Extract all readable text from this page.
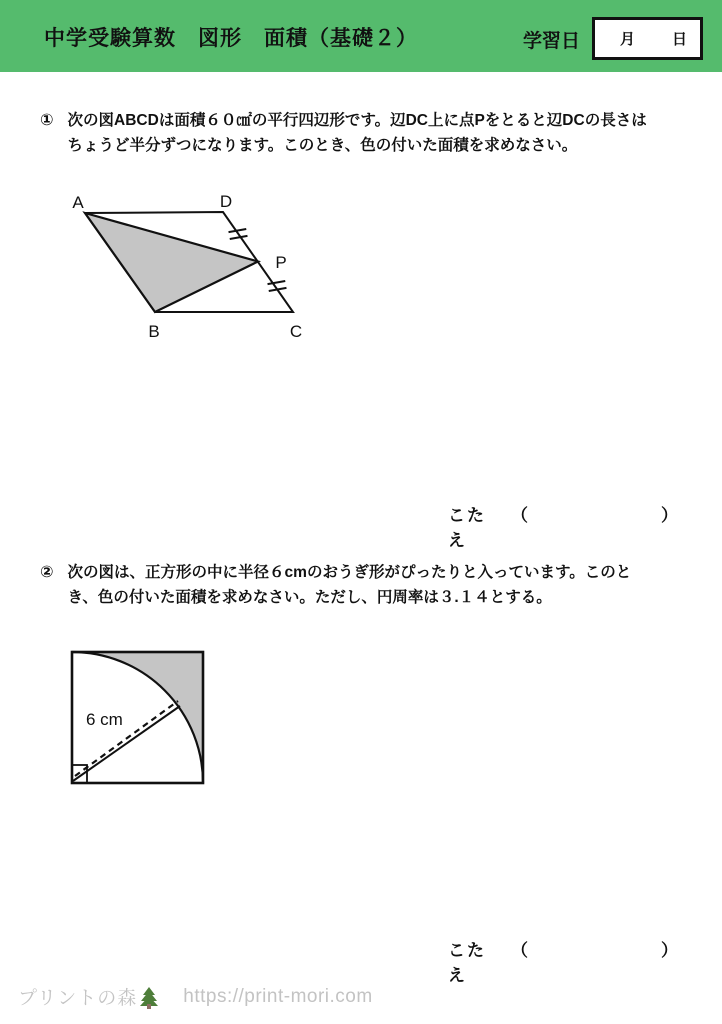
中学受験算数　図形　面積（基礎２）	学習日	月 日
① 次の図ABCDは面積６０㎠の平行四辺形です。辺DC上に点Pをとると辺DCの長さはちょうど半分ずつになります。このとき、色の付いた面積を求めなさい。
A	D
B	C
P
こたえ
（	）
② 次の図は、正方形の中に半径６cmのおうぎ形がぴったりと入っています。このとき、色の付いた面積を求めなさい。ただし、円周率は３.１４とする。
6 cm
こたえ
（	）
プリントの森 https://print-mori.com
